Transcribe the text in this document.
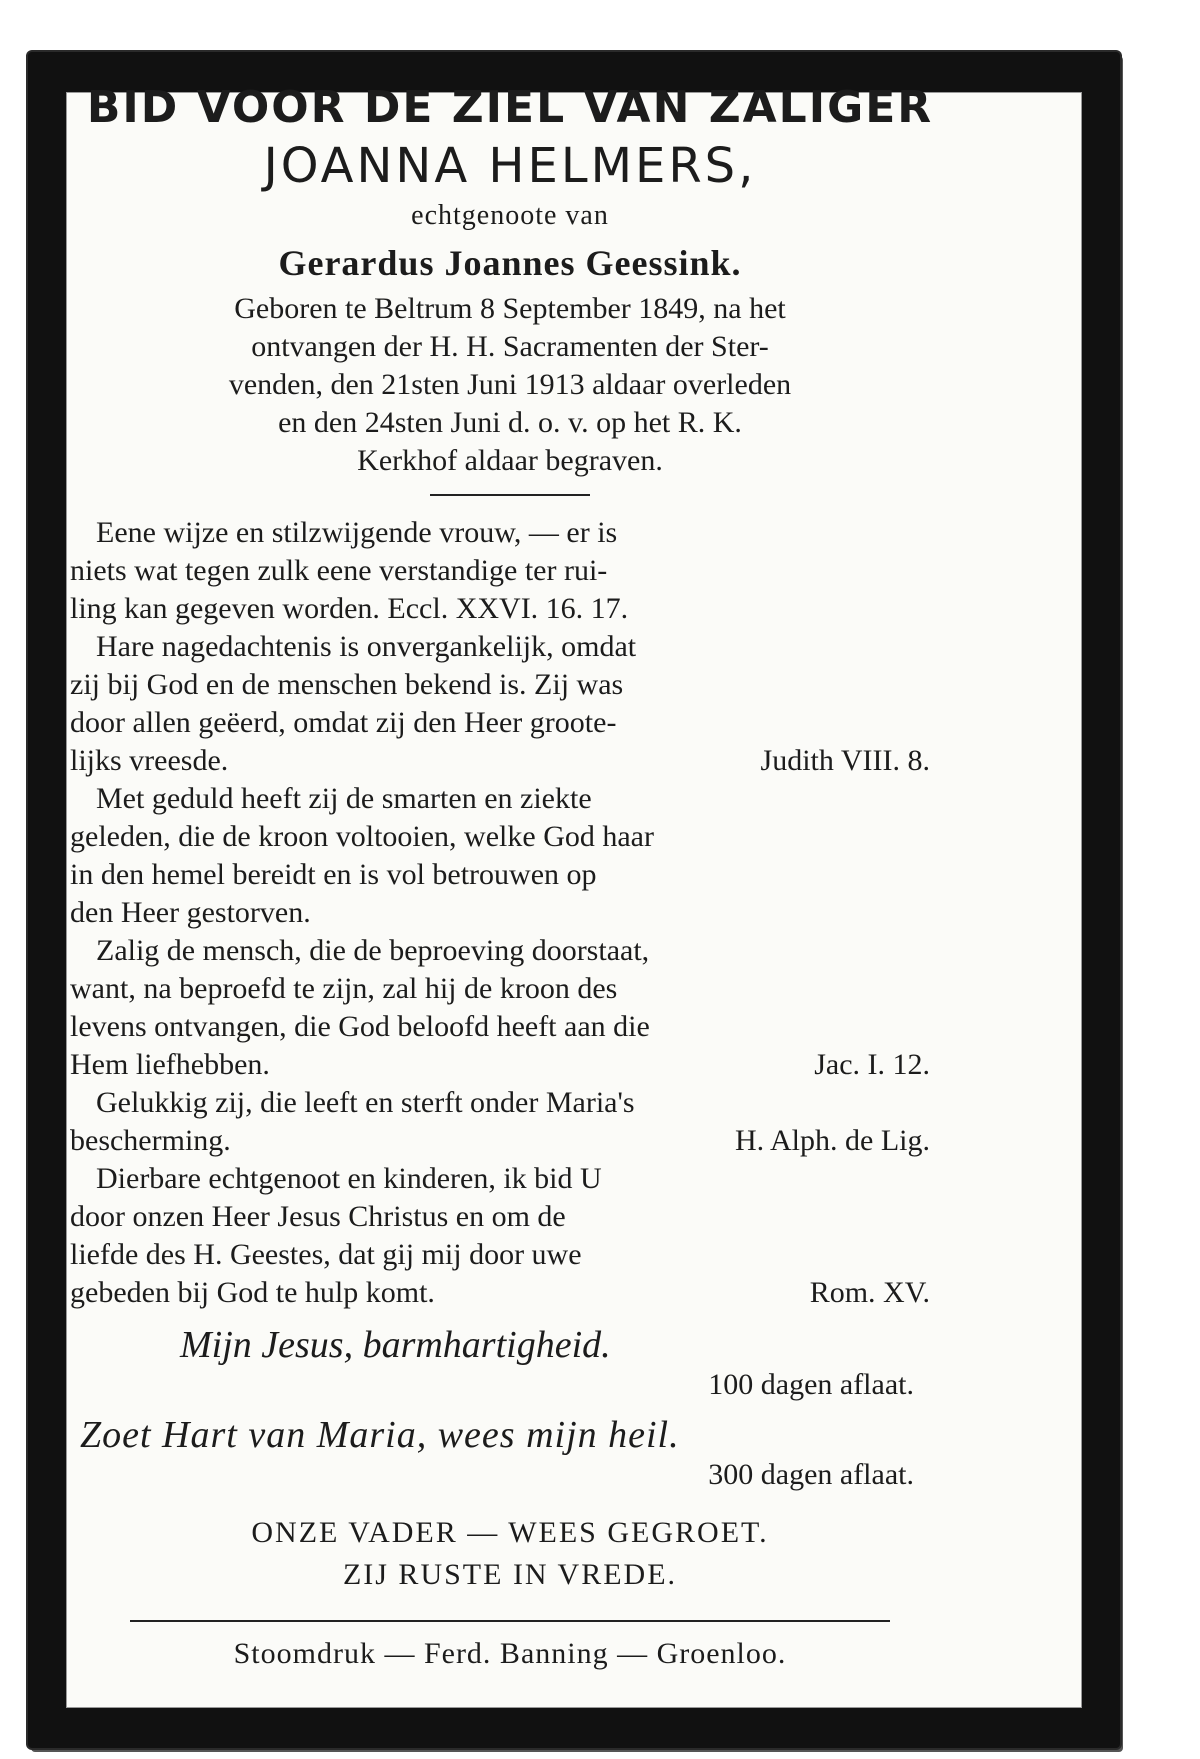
BID VOOR DE ZIEL VAN ZALIGER
JOANNA HELMERS,
echtgenoote van
Gerardus Joannes Geessink.

Geboren te Beltrum 8 September 1849, na het

ontvangen der H. H. Sacramenten der Ster-

venden, den 21sten Juni 1913 aldaar overleden

en den 24sten Juni d. o. v. op het R. K.

Kerkhof aldaar begraven.

Eene wijze en stilzwijgende vrouw, — er is

niets wat tegen zulk eene verstandige ter rui-

ling kan gegeven worden. Eccl. XXVI. 16. 17.

Hare nagedachtenis is onvergankelijk, omdat

zij bij God en de menschen bekend is. Zij was

door allen geëerd, omdat zij den Heer groote-

lijks vreesde.	Judith VIII. 8.

Met geduld heeft zij de smarten en ziekte

geleden, die de kroon voltooien, welke God haar

in den hemel bereidt en is vol betrouwen op

den Heer gestorven.

Zalig de mensch, die de beproeving doorstaat,

want, na beproefd te zijn, zal hij de kroon des

levens ontvangen, die God beloofd heeft aan die

Hem liefhebben.	Jac. I. 12.

Gelukkig zij, die leeft en sterft onder Maria's

bescherming.	H. Alph. de Lig.

Dierbare echtgenoot en kinderen, ik bid U

door onzen Heer Jesus Christus en om de

liefde des H. Geestes, dat gij mij door uwe

gebeden bij God te hulp komt.	Rom. XV.

Mijn Jesus, barmhartigheid.

100 dagen aflaat.

Zoet Hart van Maria, wees mijn heil.

300 dagen aflaat.

ONZE VADER — WEES GEGROET.

ZIJ RUSTE IN VREDE.

Stoomdruk — Ferd. Banning — Groenloo.
